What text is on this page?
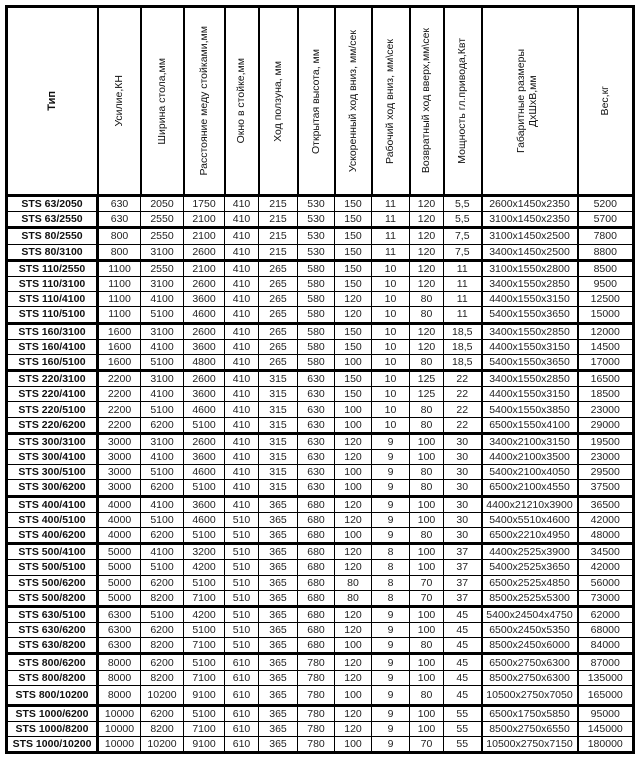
Тип	Усилие,КН	Ширина стола,мм	Расстояние меду стойками,мм	Окно в стойке,мм	Ход ползуна, мм	Открытая высота, мм	Ускоренный ход вниз, мм/сек	Рабочий ход вниз, мм\сек	Возвратный ход вверх,мм\сек	Мощность гл.привода,Квт	Габаритные размеры ДхШхВ,мм	Вес,кг

STS 63/2050	630	2050	1750	410	215	530	150	11	120	5,5	2600x1450x2350	5200
STS 63/2550	630	2550	2100	410	215	530	150	11	120	5,5	3100x1450x2350	5700
STS 80/2550	800	2550	2100	410	215	530	150	11	120	7,5	3100x1450x2500	7800
STS 80/3100	800	3100	2600	410	215	530	150	11	120	7,5	3400x1450x2500	8800
STS 110/2550	1100	2550	2100	410	265	580	150	10	120	11	3100x1550x2800	8500
STS 110/3100	1100	3100	2600	410	265	580	150	10	120	11	3400x1550x2850	9500
STS 110/4100	1100	4100	3600	410	265	580	120	10	80	11	4400x1550x3150	12500
STS 110/5100	1100	5100	4600	410	265	580	120	10	80	11	5400x1550x3650	15000
STS 160/3100	1600	3100	2600	410	265	580	150	10	120	18,5	3400x1550x2850	12000
STS 160/4100	1600	4100	3600	410	265	580	150	10	120	18,5	4400x1550x3150	14500
STS 160/5100	1600	5100	4800	410	265	580	100	10	80	18,5	5400x1550x3650	17000
STS 220/3100	2200	3100	2600	410	315	630	150	10	125	22	3400x1550x2850	16500
STS 220/4100	2200	4100	3600	410	315	630	150	10	125	22	4400x1550x3150	18500
STS 220/5100	2200	5100	4600	410	315	630	100	10	80	22	5400x1550x3850	23000
STS 220/6200	2200	6200	5100	410	315	630	100	10	80	22	6500x1550x4100	29000
STS 300/3100	3000	3100	2600	410	315	630	120	9	100	30	3400x2100x3150	19500
STS 300/4100	3000	4100	3600	410	315	630	120	9	100	30	4400x2100x3500	23000
STS 300/5100	3000	5100	4600	410	315	630	100	9	80	30	5400x2100x4050	29500
STS 300/6200	3000	6200	5100	410	315	630	100	9	80	30	6500x2100x4550	37500
STS 400/4100	4000	4100	3600	410	365	680	120	9	100	30	4400x21210x3900	36500
STS 400/5100	4000	5100	4600	510	365	680	120	9	100	30	5400x5510x4600	42000
STS 400/6200	4000	6200	5100	510	365	680	100	9	80	30	6500x2210x4950	48000
STS 500/4100	5000	4100	3200	510	365	680	120	8	100	37	4400x2525x3900	34500
STS 500/5100	5000	5100	4200	510	365	680	120	8	100	37	5400x2525x3650	42000
STS 500/6200	5000	6200	5100	510	365	680	80	8	70	37	6500x2525x4850	56000
STS 500/8200	5000	8200	7100	510	365	680	80	8	70	37	8500x2525x5300	73000
STS 630/5100	6300	5100	4200	510	365	680	120	9	100	45	5400x24504x4750	62000
STS 630/6200	6300	6200	5100	510	365	680	120	9	100	45	6500x2450x5350	68000
STS 630/8200	6300	8200	7100	510	365	680	100	9	80	45	8500x2450x6000	84000
STS 800/6200	8000	6200	5100	610	365	780	120	9	100	45	6500x2750x6300	87000
STS 800/8200	8000	8200	7100	610	365	780	120	9	100	45	8500x2750x6300	135000
STS 800/10200	8000	10200	9100	610	365	780	100	9	80	45	10500x2750x7050	165000
STS 1000/6200	10000	6200	5100	610	365	780	120	9	100	55	6500x1750x5850	95000
STS 1000/8200	10000	8200	7100	610	365	780	120	9	100	55	8500x2750x6550	145000
STS 1000/10200	10000	10200	9100	610	365	780	100	9	70	55	10500x2750x7150	180000
